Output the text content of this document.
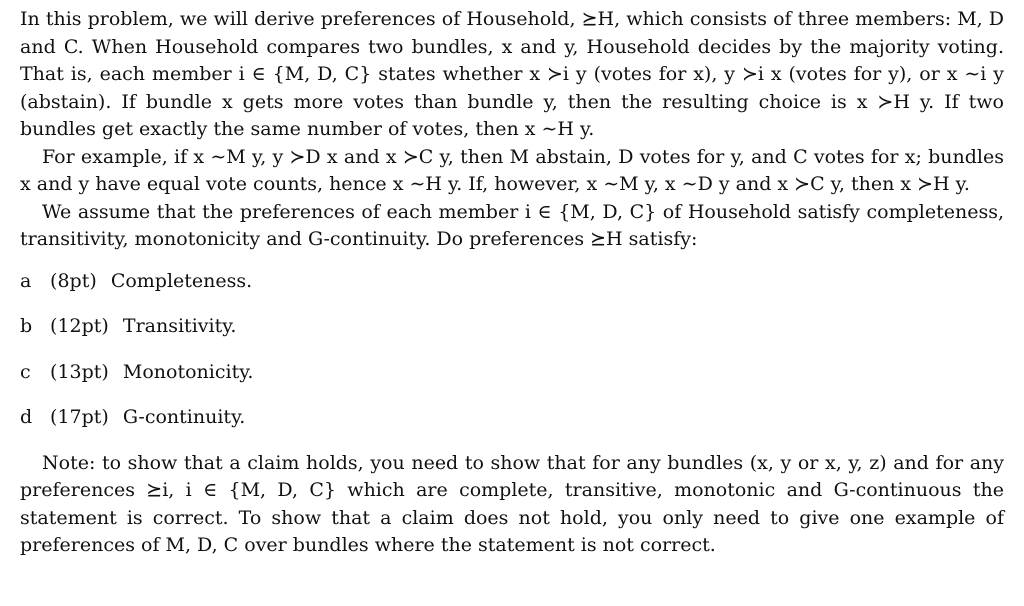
In this problem, we will derive preferences of Household, ⪰H, which consists of three members: M, D and C. When Household compares two bundles, x and y, Household decides by the majority voting. That is, each member i ∈ {M, D, C} states whether x ≻i y (votes for x), y ≻i x (votes for y), or x ∼i y (abstain). If bundle x gets more votes than bundle y, then the resulting choice is x ≻H y. If two bundles get exactly the same number of votes, then x ∼H y.

For example, if x ∼M y, y ≻D x and x ≻C y, then M abstain, D votes for y, and C votes for x; bundles x and y have equal vote counts, hence x ∼H y. If, however, x ∼M y, x ∼D y and x ≻C y, then x ≻H y.

We assume that the preferences of each member i ∈ {M, D, C} of Household satisfy completeness, transitivity, monotonicity and G-continuity. Do preferences ⪰H satisfy:

a (8pt) Completeness.
b (12pt) Transitivity.
c (13pt) Monotonicity.
d (17pt) G-continuity.

Note: to show that a claim holds, you need to show that for any bundles (x, y or x, y, z) and for any preferences ⪰i, i ∈ {M, D, C} which are complete, transitive, monotonic and G-continuous the statement is correct. To show that a claim does not hold, you only need to give one example of preferences of M, D, C over bundles where the statement is not correct.
